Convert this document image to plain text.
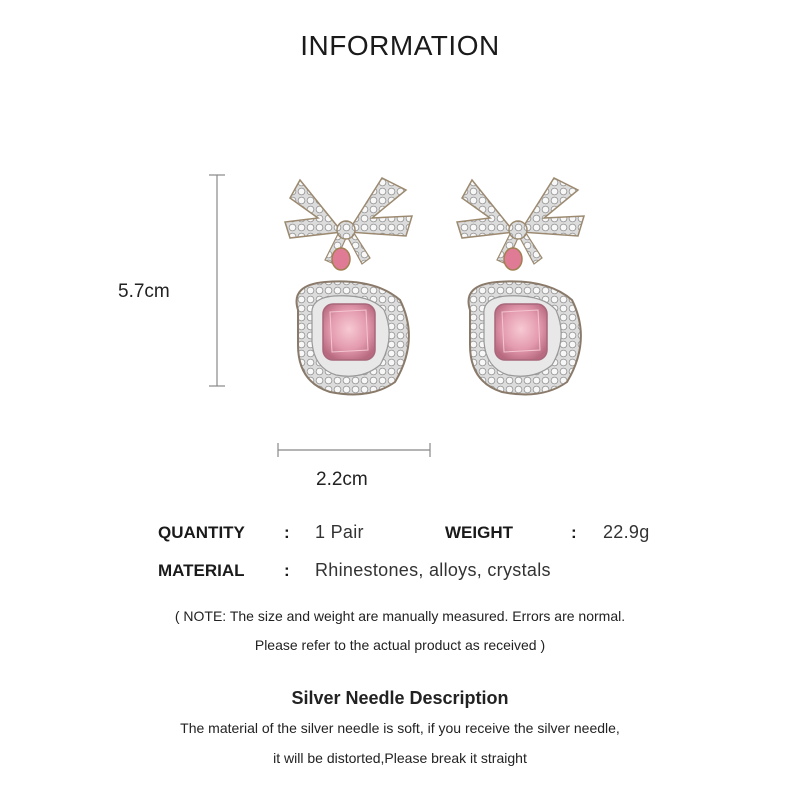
INFORMATION
5.7cm
2.2cm
QUANTITY : 1 Pair	WEIGHT	: 22.9g
MATERIAL : Rhinestones, alloys, crystals
( NOTE: The size and weight are manually measured. Errors are normal.
Please refer to the actual product as received )
Silver Needle Description
The material of the silver needle is soft, if you receive the silver needle,
it will be distorted,Please break it straight
